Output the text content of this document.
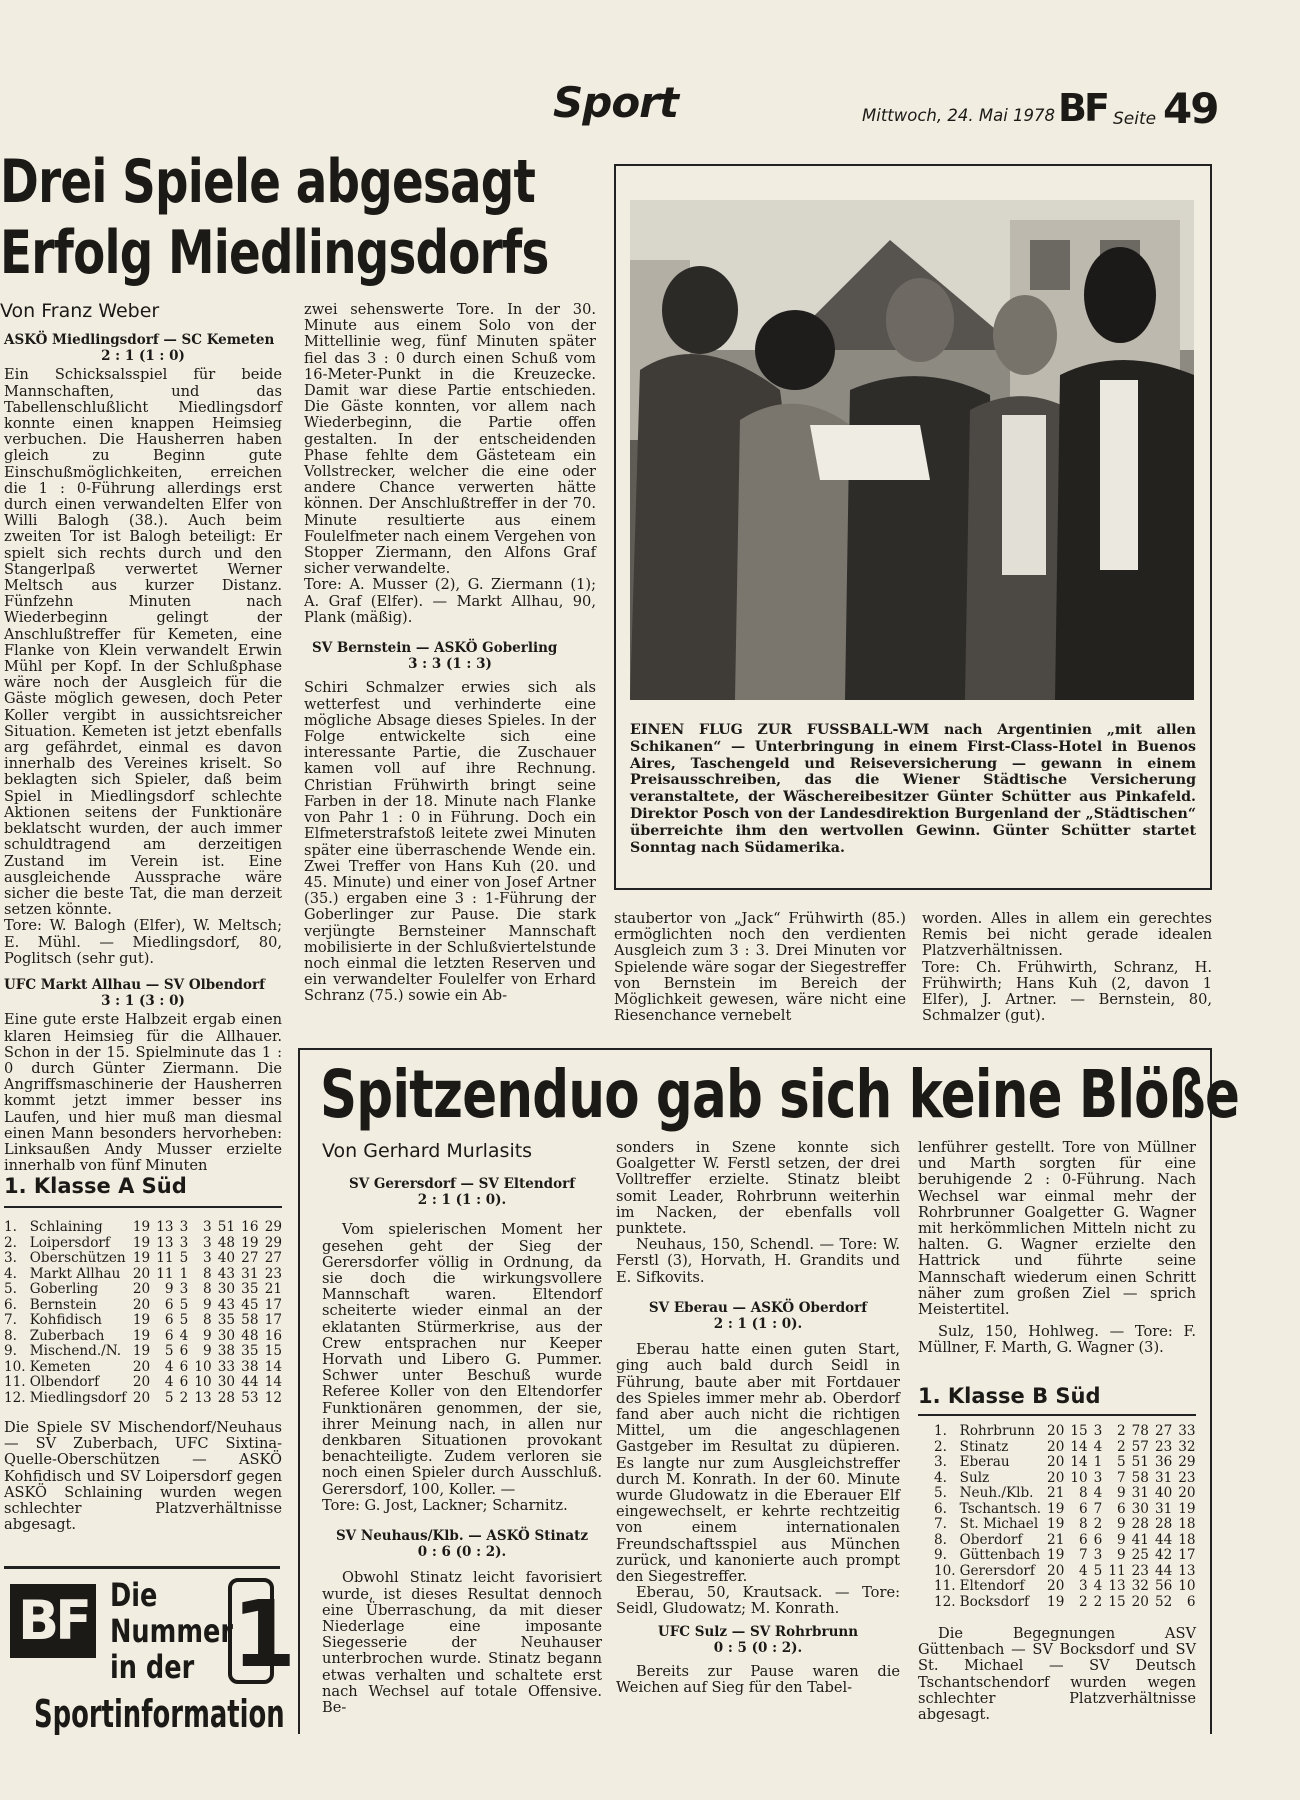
Sport	Mittwoch, 24. Mai 1978 BF Seite 49
Drei Spiele abgesagt
Erfolg Miedlingsdorfs
Von Franz Weber

ASKÖ Miedlingsdorf — SC Kemeten

2 : 1 (1 : 0)

Ein Schicksalsspiel für beide Mannschaften, und das Tabellenschlußlicht Miedlingsdorf konnte einen knappen Heimsieg verbuchen. Die Hausherren haben gleich zu Beginn gute Einschußmöglichkeiten, erreichen die 1 : 0-Führung allerdings erst durch einen verwandelten Elfer von Willi Balogh (38.). Auch beim zweiten Tor ist Balogh beteiligt: Er spielt sich rechts durch und den Stangerlpaß verwertet Werner Meltsch aus kurzer Distanz. Fünfzehn Minuten nach Wiederbeginn gelingt der Anschlußtreffer für Kemeten, eine Flanke von Klein verwandelt Erwin Mühl per Kopf. In der Schlußphase wäre noch der Ausgleich für die Gäste möglich gewesen, doch Peter Koller vergibt in aussichtsreicher Situation. Kemeten ist jetzt ebenfalls arg gefährdet, einmal es davon innerhalb des Vereines kriselt. So beklagten sich Spieler, daß beim Spiel in Miedlingsdorf schlechte Aktionen seitens der Funktionäre beklatscht wurden, der auch immer schuldtragend am derzeitigen Zustand im Verein ist. Eine ausgleichende Aussprache wäre sicher die beste Tat, die man derzeit setzen könnte.

Tore: W. Balogh (Elfer), W. Meltsch; E. Mühl. — Miedlingsdorf, 80, Poglitsch (sehr gut).

UFC Markt Allhau — SV Olbendorf

3 : 1 (3 : 0)

Eine gute erste Halbzeit ergab einen klaren Heimsieg für die Allhauer. Schon in der 15. Spielminute das 1 : 0 durch Günter Ziermann. Die Angriffsmaschinerie der Hausherren kommt jetzt immer besser ins Laufen, und hier muß man diesmal einen Mann besonders hervorheben: Linksaußen Andy Musser erzielte innerhalb von fünf Minuten

zwei sehenswerte Tore. In der 30. Minute aus einem Solo von der Mittellinie weg, fünf Minuten später fiel das 3 : 0 durch einen Schuß vom 16-Meter-Punkt in die Kreuzecke. Damit war diese Partie entschieden. Die Gäste konnten, vor allem nach Wiederbeginn, die Partie offen gestalten. In der entscheidenden Phase fehlte dem Gästeteam ein Vollstrecker, welcher die eine oder andere Chance verwerten hätte können. Der Anschlußtreffer in der 70. Minute resultierte aus einem Foulelfmeter nach einem Vergehen von Stopper Ziermann, den Alfons Graf sicher verwandelte.

Tore: A. Musser (2), G. Ziermann (1); A. Graf (Elfer). — Markt Allhau, 90, Plank (mäßig).

SV Bernstein — ASKÖ Goberling

3 : 3 (1 : 3)

Schiri Schmalzer erwies sich als wetterfest und verhinderte eine mögliche Absage dieses Spieles. In der Folge entwickelte sich eine interessante Partie, die Zuschauer kamen voll auf ihre Rechnung. Christian Frühwirth bringt seine Farben in der 18. Minute nach Flanke von Pahr 1 : 0 in Führung. Doch ein Elfmeterstrafstoß leitete zwei Minuten später eine überraschende Wende ein. Zwei Treffer von Hans Kuh (20. und 45. Minute) und einer von Josef Artner (35.) ergaben eine 3 : 1-Führung der Goberlinger zur Pause. Die stark verjüngte Bernsteiner Mannschaft mobilisierte in der Schlußviertelstunde noch einmal die letzten Reserven und ein verwandelter Foulelfer von Erhard Schranz (75.) sowie ein Ab-

EINEN FLUG ZUR FUSSBALL-WM nach Argentinien „mit allen Schikanen“ — Unterbringung in einem First-Class-Hotel in Buenos Aires, Taschengeld und Reiseversicherung — gewann in einem Preisausschreiben, das die Wiener Städtische Versicherung veranstaltete, der Wäschereibesitzer Günter Schütter aus Pinkafeld. Direktor Posch von der Landesdirektion Burgenland der „Städtischen“ überreichte ihm den wertvollen Gewinn. Günter Schütter startet Sonntag nach Südamerika.

staubertor von „Jack“ Frühwirth (85.) ermöglichten noch den verdienten Ausgleich zum 3 : 3. Drei Minuten vor Spielende wäre sogar der Siegestreffer von Bernstein im Bereich der Möglichkeit gewesen, wäre nicht eine Riesenchance vernebelt

worden. Alles in allem ein gerechtes Remis bei nicht gerade idealen Platzverhältnissen.

Tore: Ch. Frühwirth, Schranz, H. Frühwirth; Hans Kuh (2, davon 1 Elfer), J. Artner. — Bernstein, 80, Schmalzer (gut).

1. Klasse A Süd
1.	Schlaining	19	13	3	3	51	16	29
2.	Loipersdorf	19	13	3	3	48	19	29
3.	Oberschützen	19	11	5	3	40	27	27
4.	Markt Allhau	20	11	1	8	43	31	23
5.	Goberling	20	9	3	8	30	35	21
6.	Bernstein	20	6	5	9	43	45	17
7.	Kohfidisch	19	6	5	8	35	58	17
8.	Zuberbach	19	6	4	9	30	48	16
9.	Mischend./N.	19	5	6	9	38	35	15
10.	Kemeten	20	4	6	10	33	38	14
11.	Olbendorf	20	4	6	10	30	44	14
12.	Miedlingsdorf	20	5	2	13	28	53	12
Die Spiele SV Mischendorf/Neuhaus — SV Zuberbach, UFC Sixtina-Quelle-Oberschützen — ASKÖ Kohfidisch und SV Loipersdorf gegen ASKÖ Schlaining wurden wegen schlechter Platzverhältnisse abgesagt.
BF Die
Nummer
in der 1
Sportinformation
Spitzenduo gab sich keine Blöße
Von Gerhard Murlasits

SV Gerersdorf — SV Eltendorf

2 : 1 (1 : 0).

Vom spielerischen Moment her gesehen geht der Sieg der Gerersdorfer völlig in Ordnung, da sie doch die wirkungsvollere Mannschaft waren. Eltendorf scheiterte wieder einmal an der eklatanten Stürmerkrise, aus der Crew entsprachen nur Keeper Horvath und Libero G. Pummer. Schwer unter Beschuß wurde Referee Koller von den Eltendorfer Funktionären genommen, der sie, ihrer Meinung nach, in allen nur denkbaren Situationen provokant benachteiligte. Zudem verloren sie noch einen Spieler durch Ausschluß. Gerersdorf, 100, Koller. —

Tore: G. Jost, Lackner; Scharnitz.

SV Neuhaus/Klb. — ASKÖ Stinatz

0 : 6 (0 : 2).

Obwohl Stinatz leicht favorisiert wurde, ist dieses Resultat dennoch eine Überraschung, da mit dieser Niederlage eine imposante Siegesserie der Neuhauser unterbrochen wurde. Stinatz begann etwas verhalten und schaltete erst nach Wechsel auf totale Offensive. Be-

sonders in Szene konnte sich Goalgetter W. Ferstl setzen, der drei Volltreffer erzielte. Stinatz bleibt somit Leader, Rohrbrunn weiterhin im Nacken, der ebenfalls voll punktete.

Neuhaus, 150, Schendl. — Tore: W. Ferstl (3), Horvath, H. Grandits und E. Sifkovits.

SV Eberau — ASKÖ Oberdorf

2 : 1 (1 : 0).

Eberau hatte einen guten Start, ging auch bald durch Seidl in Führung, baute aber mit Fortdauer des Spieles immer mehr ab. Oberdorf fand aber auch nicht die richtigen Mittel, um die angeschlagenen Gastgeber im Resultat zu düpieren. Es langte nur zum Ausgleichstreffer durch M. Konrath. In der 60. Minute wurde Gludowatz in die Eberauer Elf eingewechselt, er kehrte rechtzeitig von einem internationalen Freundschaftsspiel aus München zurück, und kanonierte auch prompt den Siegestreffer.

Eberau, 50, Krautsack. — Tore: Seidl, Gludowatz; M. Konrath.

UFC Sulz — SV Rohrbrunn

0 : 5 (0 : 2).

Bereits zur Pause waren die Weichen auf Sieg für den Tabel-

lenführer gestellt. Tore von Müllner und Marth sorgten für eine beruhigende 2 : 0-Führung. Nach Wechsel war einmal mehr der Rohrbrunner Goalgetter G. Wagner mit herkömmlichen Mitteln nicht zu halten. G. Wagner erzielte den Hattrick und führte seine Mannschaft wiederum einen Schritt näher zum großen Ziel — sprich Meistertitel.

Sulz, 150, Hohlweg. — Tore: F. Müllner, F. Marth, G. Wagner (3).

1. Klasse B Süd
1.	Rohrbrunn	20	15	3	2	78	27	33
2.	Stinatz	20	14	4	2	57	23	32
3.	Eberau	20	14	1	5	51	36	29
4.	Sulz	20	10	3	7	58	31	23
5.	Neuh./Klb.	21	8	4	9	31	40	20
6.	Tschantsch.	19	6	7	6	30	31	19
7.	St. Michael	19	8	2	9	28	28	18
8.	Oberdorf	21	6	6	9	41	44	18
9.	Güttenbach	19	7	3	9	25	42	17
10.	Gerersdorf	20	4	5	11	23	44	13
11.	Eltendorf	20	3	4	13	32	56	10
12.	Bocksdorf	19	2	2	15	20	52	6
Die Begegnungen ASV Güttenbach — SV Bocksdorf und SV St. Michael — SV Deutsch Tschantschendorf wurden wegen schlechter Platzverhältnisse abgesagt.
